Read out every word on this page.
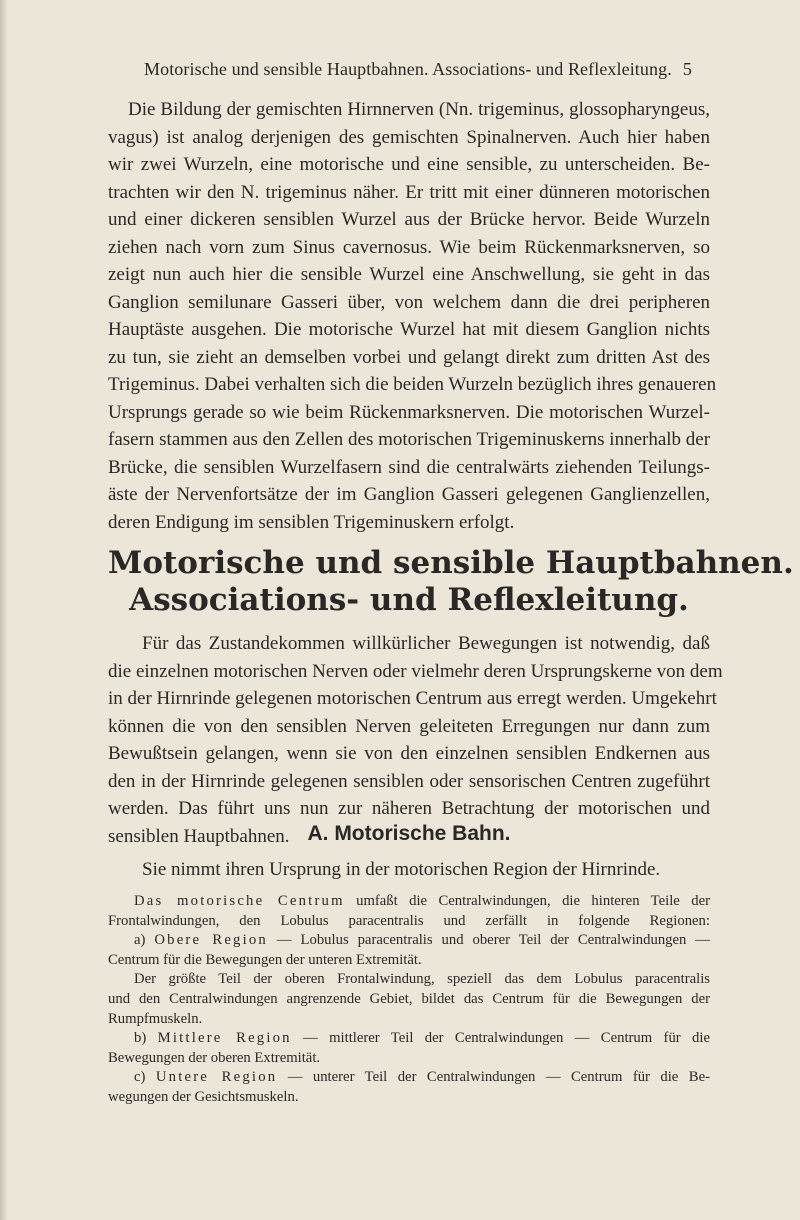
Motorische und sensible Hauptbahnen. Associations- und Reflexleitung. 5
Die Bildung der gemischten Hirnnerven (Nn. trigeminus, glossopharyngeus,
vagus) ist analog derjenigen des gemischten Spinalnerven. Auch hier haben
wir zwei Wurzeln, eine motorische und eine sensible, zu unterscheiden. Be-
trachten wir den N. trigeminus näher. Er tritt mit einer dünneren motorischen
und einer dickeren sensiblen Wurzel aus der Brücke hervor. Beide Wurzeln
ziehen nach vorn zum Sinus cavernosus. Wie beim Rückenmarksnerven, so
zeigt nun auch hier die sensible Wurzel eine Anschwellung, sie geht in das
Ganglion semilunare Gasseri über, von welchem dann die drei peripheren
Hauptäste ausgehen. Die motorische Wurzel hat mit diesem Ganglion nichts
zu tun, sie zieht an demselben vorbei und gelangt direkt zum dritten Ast des
Trigeminus. Dabei verhalten sich die beiden Wurzeln bezüglich ihres genaueren
Ursprungs gerade so wie beim Rückenmarksnerven. Die motorischen Wurzel-
fasern stammen aus den Zellen des motorischen Trigeminuskerns innerhalb der
Brücke, die sensiblen Wurzelfasern sind die centralwärts ziehenden Teilungs-
äste der Nervenfortsätze der im Ganglion Gasseri gelegenen Ganglienzellen,
deren Endigung im sensiblen Trigeminuskern erfolgt.
Motorische und sensible Hauptbahnen.
Associations- und Reflexleitung.
Für das Zustandekommen willkürlicher Bewegungen ist notwendig, daß
die einzelnen motorischen Nerven oder vielmehr deren Ursprungskerne von dem
in der Hirnrinde gelegenen motorischen Centrum aus erregt werden. Umgekehrt
können die von den sensiblen Nerven geleiteten Erregungen nur dann zum
Bewußtsein gelangen, wenn sie von den einzelnen sensiblen Endkernen aus
den in der Hirnrinde gelegenen sensiblen oder sensorischen Centren zugeführt
werden. Das führt uns nun zur näheren Betrachtung der motorischen und
sensiblen Hauptbahnen. A. Motorische Bahn.
Sie nimmt ihren Ursprung in der motorischen Region der Hirnrinde.
Das motorische Centrum umfaßt die Centralwindungen, die hinteren Teile der
Frontalwindungen, den Lobulus paracentralis und zerfällt in folgende Regionen:
a) Obere Region — Lobulus paracentralis und oberer Teil der Centralwindungen —
Centrum für die Bewegungen der unteren Extremität.
Der größte Teil der oberen Frontalwindung, speziell das dem Lobulus paracentralis
und den Centralwindungen angrenzende Gebiet, bildet das Centrum für die Bewegungen der
Rumpfmuskeln.
b) Mittlere Region — mittlerer Teil der Centralwindungen — Centrum für die
Bewegungen der oberen Extremität.
c) Untere Region — unterer Teil der Centralwindungen — Centrum für die Be-
wegungen der Gesichtsmuskeln.
